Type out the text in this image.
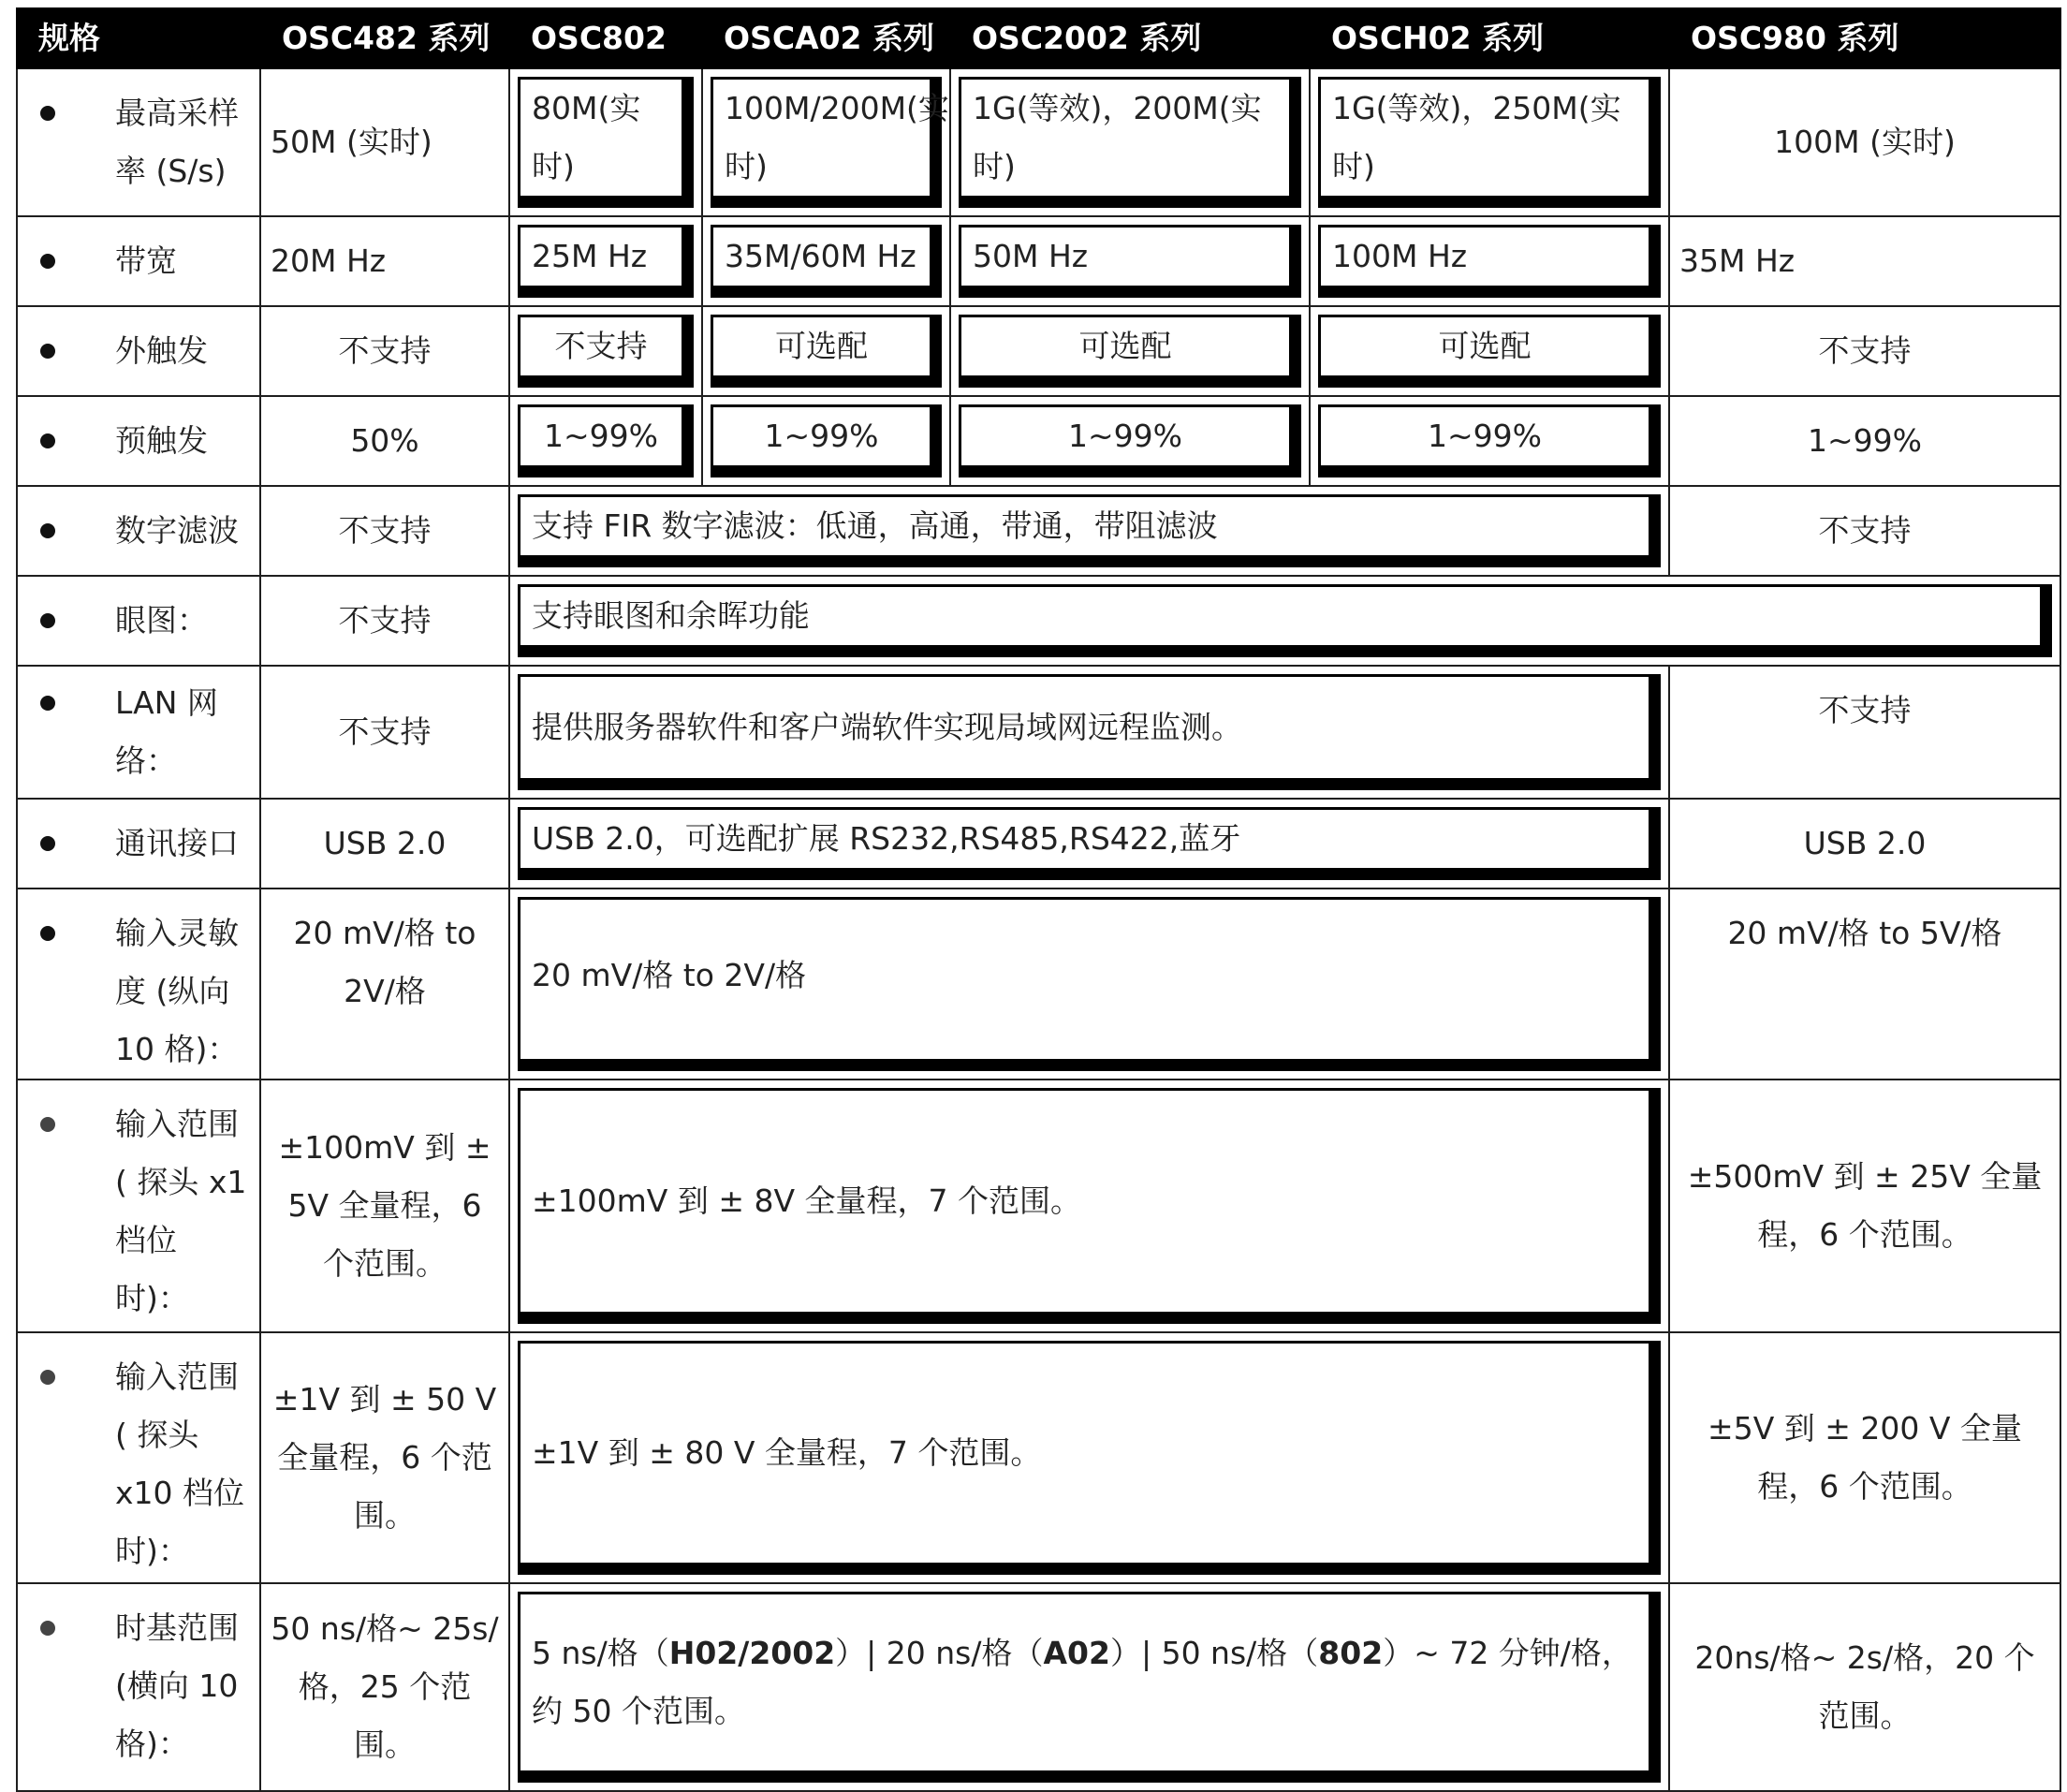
规格	OSC482 系列	OSC802	OSCA02 系列	OSC2002 系列	OSCH02 系列	OSC980 系列

最高采样率 (S/s)	50M (实时)	80M(实时)	100M/200M(实时)	1G(等效)，200M(实时)	1G(等效)，250M(实时)	100M (实时)

带宽	20M Hz	25M Hz	35M/60M Hz	50M Hz	100M Hz	35M Hz

外触发	不支持	不支持	可选配	可选配	可选配	不支持

预触发	50%	1~99%	1~99%	1~99%	1~99%	1~99%

数字滤波	不支持	支持 FIR 数字滤波：低通，高通，带通，带阻滤波				不支持

眼图：	不支持	支持眼图和余晖功能				

LAN 网络：	不支持	提供服务器软件和客户端软件实现局域网远程监测。				不支持

通讯接口	USB 2.0	USB 2.0，可选配扩展 RS232,RS485,RS422,蓝牙				USB 2.0

输入灵敏度 (纵向 10 格)：	20 mV/格 to 2V/格	20 mV/格 to 2V/格				20 mV/格 to 5V/格

输入范围 ( 探头 x1 档位时)：	±100mV 到 ± 5V 全量程，6 个范围。	±100mV 到 ± 8V 全量程，7 个范围。				±500mV 到 ± 25V 全量程，6 个范围。

输入范围 ( 探头 x10 档位时)：	±1V 到 ± 50 V 全量程，6 个范围。	±1V 到 ± 80 V 全量程，7 个范围。				±5V 到 ± 200 V 全量程，6 个范围。

时基范围 (横向 10 格)：	50 ns/格~ 25s/格，25 个范围。	5 ns/格（H02/2002）| 20 ns/格（A02）| 50 ns/格（802）~ 72 分钟/格，约 50 个范围。				20ns/格~ 2s/格，20 个范围。
